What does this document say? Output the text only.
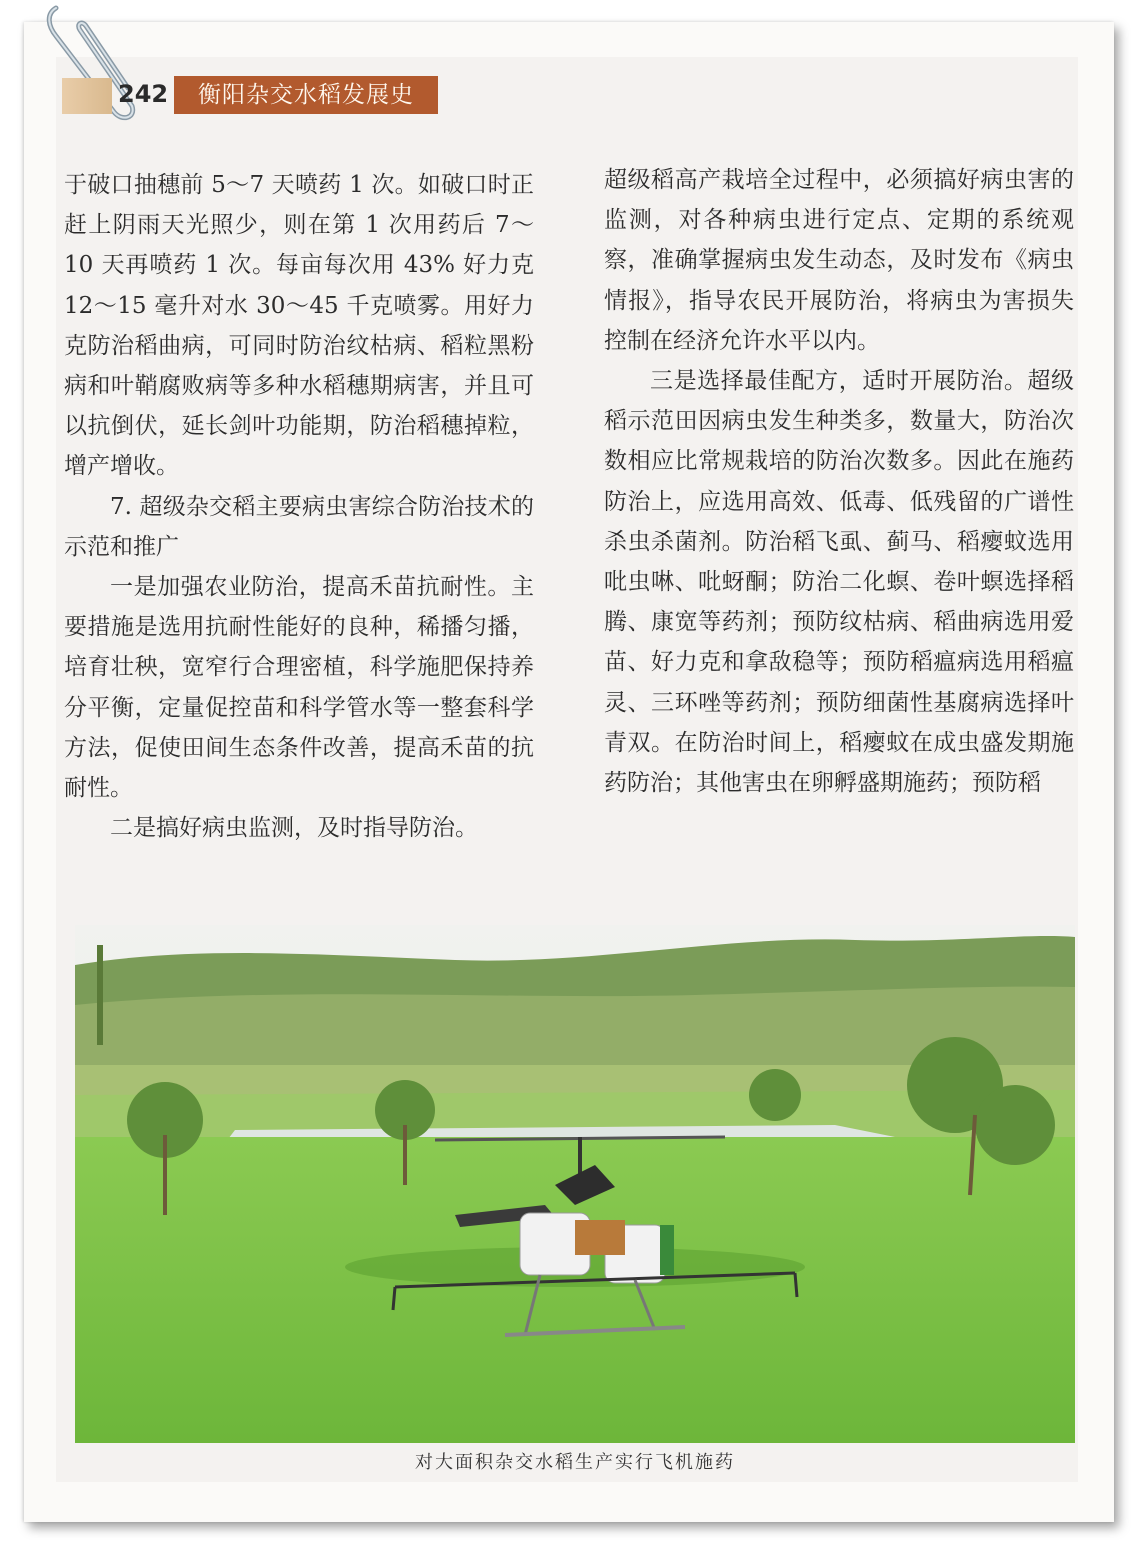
242	衡阳杂交水稻发展史

于破口抽穗前 5～7 天喷药 1 次。如破口时正赶上阴雨天光照少，则在第 1 次用药后 7～10 天再喷药 1 次。每亩每次用 43% 好力克 12～15 毫升对水 30～45 千克喷雾。用好力克防治稻曲病，可同时防治纹枯病、稻粒黑粉病和叶鞘腐败病等多种水稻穗期病害，并且可以抗倒伏，延长剑叶功能期，防治稻穗掉粒，增产增收。

7. 超级杂交稻主要病虫害综合防治技术的示范和推广

一是加强农业防治，提高禾苗抗耐性。主要措施是选用抗耐性能好的良种，稀播匀播，培育壮秧，宽窄行合理密植，科学施肥保持养分平衡，定量促控苗和科学管水等一整套科学方法，促使田间生态条件改善，提高禾苗的抗耐性。

二是搞好病虫监测，及时指导防治。

超级稻高产栽培全过程中，必须搞好病虫害的监测，对各种病虫进行定点、定期的系统观察，准确掌握病虫发生动态，及时发布《病虫情报》，指导农民开展防治，将病虫为害损失控制在经济允许水平以内。

三是选择最佳配方，适时开展防治。超级稻示范田因病虫发生种类多，数量大，防治次数相应比常规栽培的防治次数多。因此在施药防治上，应选用高效、低毒、低残留的广谱性杀虫杀菌剂。防治稻飞虱、蓟马、稻瘿蚊选用吡虫啉、吡蚜酮；防治二化螟、卷叶螟选择稻腾、康宽等药剂；预防纹枯病、稻曲病选用爱苗、好力克和拿敌稳等；预防稻瘟病选用稻瘟灵、三环唑等药剂；预防细菌性基腐病选择叶青双。在防治时间上，稻瘿蚊在成虫盛发期施药防治；其他害虫在卵孵盛期施药；预防稻

对大面积杂交水稻生产实行飞机施药
